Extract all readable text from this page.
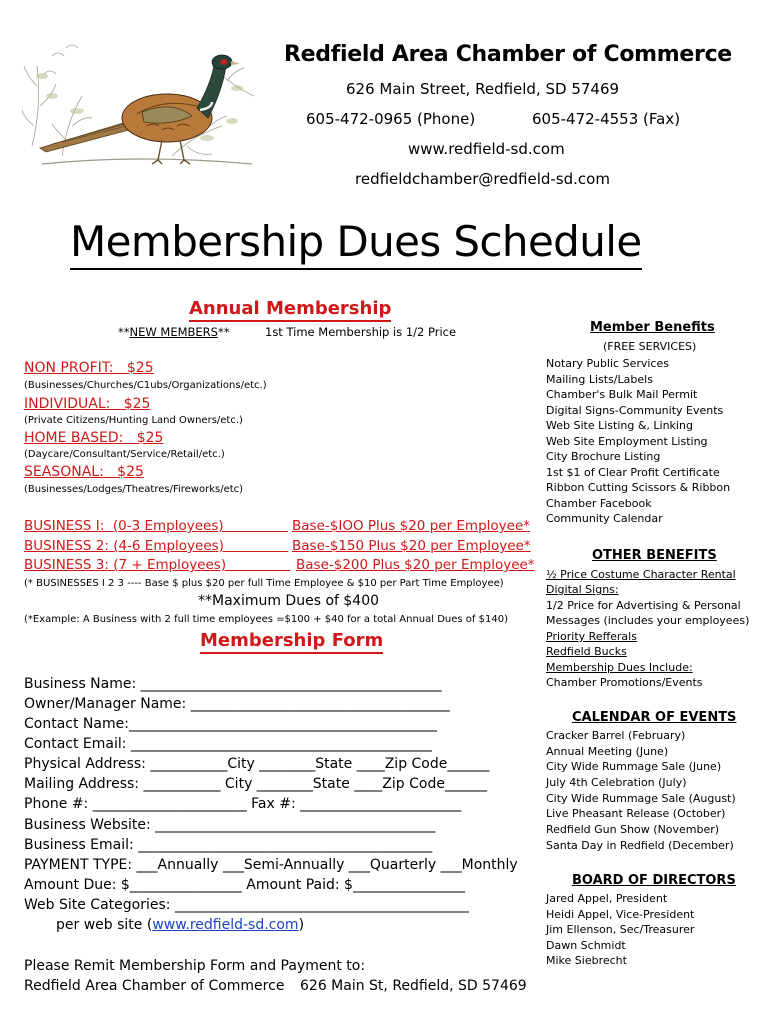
Redfield Area Chamber of Commerce
626 Main Street, Redfield, SD 57469
605-472-0965 (Phone)	605-472-4553 (Fax)
www.redfield-sd.com
redfieldchamber@redfield-sd.com
Membership Dues Schedule
Annual Membership
**NEW MEMBERS**	1st Time Membership is 1/2 Price
NON PROFIT: $25
(Businesses/Churches/C1ubs/Organizations/etc.)
INDIVIDUAL: $25
(Private Citizens/Hunting Land Owners/etc.)
HOME BASED: $25
(Daycare/Consultant/Service/Retail/etc.)
SEASONAL: $25
(Businesses/Lodges/Theatres/Fireworks/etc)
BUSINESS I: (0-3 Employees)	Base-$IOO Plus $20 per Employee*
BUSINESS 2: (4-6 Employees)	Base-$150 Plus $20 per Employee*
BUSINESS 3: (7 + Employees)	Base-$200 Plus $20 per Employee*
(* BUSINESSES I 2 3 ---- Base $ plus $20 per full Time Employee & $10 per Part Time Employee)
**Maximum Dues of $400
(*Example: A Business with 2 full time employees =$100 + $40 for a total Annual Dues of $140)
Membership Form
Business Name: ___________________________________________
Owner/Manager Name: _____________________________________
Contact Name:____________________________________________
Contact Email: ___________________________________________
Physical Address: ___________City ________State ____Zip Code______
Mailing Address: ___________ City ________State ____Zip Code______
Phone #: ______________________ Fax #: _______________________
Business Website: ________________________________________
Business Email: __________________________________________
PAYMENT TYPE: ___Annually ___Semi-Annually ___Quarterly ___Monthly
Amount Due: $________________ Amount Paid: $________________
Web Site Categories: __________________________________________
per web site (www.redfield-sd.com)
Please Remit Membership Form and Payment to:
Redfield Area Chamber of Commerce 626 Main St, Redfield, SD 57469
Member Benefits
(FREE SERVICES)
Notary Public Services
Mailing Lists/Labels
Chamber's Bulk Mail Permit
Digital Signs-Community Events
Web Site Listing &, Linking
Web Site Employment Listing
City Brochure Listing
1st $1 of Clear Profit Certificate
Ribbon Cutting Scissors & Ribbon
Chamber Facebook
Community Calendar
OTHER BENEFITS
½ Price Costume Character Rental
Digital Signs:
1/2 Price for Advertising & Personal
Messages (includes your employees)
Priority Refferals
Redfield Bucks
Membership Dues Include:
Chamber Promotions/Events
CALENDAR OF EVENTS
Cracker Barrel (February)
Annual Meeting (June)
City Wide Rummage Sale (June)
July 4th Celebration (July)
City Wide Rummage Sale (August)
Live Pheasant Release (October)
Redfield Gun Show (November)
Santa Day in Redfield (December)
BOARD OF DIRECTORS
Jared Appel, President
Heidi Appel, Vice-President
Jim Ellenson, Sec/Treasurer
Dawn Schmidt
Mike Siebrecht
